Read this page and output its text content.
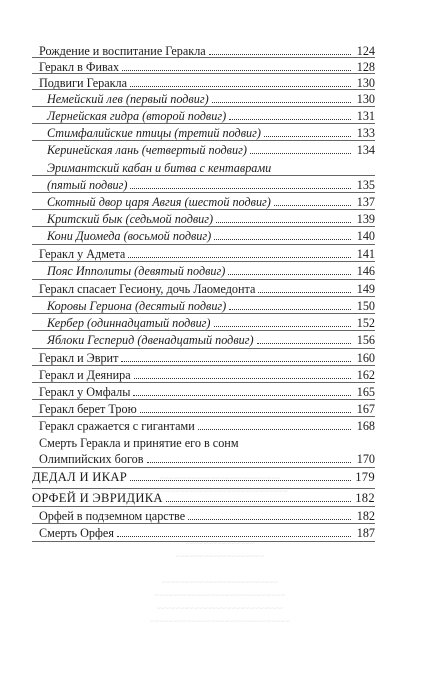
Рождение и воспитание Геракла	124
Геракл в Фивах	128
Подвиги Геракла	130
Немейский лев (первый подвиг)	130
Лернейская гидра (второй подвиг)	131
Стимфалийские птицы (третий подвиг)	133
Керинейская лань (четвертый подвиг)	134
Эримантский кабан и битва с кентаврами
(пятый подвиг)	135
Скотный двор царя Авгия (шестой подвиг)	137
Критский бык (седьмой подвиг)	139
Кони Диомеда (восьмой подвиг)	140
Геракл у Адмета	141
Пояс Ипполиты (девятый подвиг)	146
Геракл спасает Гесиону, дочь Лаомедонта	149
Коровы Гериона (десятый подвиг)	150
Кербер (одиннадцатый подвиг)	152
Яблоки Гесперид (двенадцатый подвиг)	156
Геракл и Эврит	160
Геракл и Деянира	162
Геракл у Омфалы	165
Геракл берет Трою	167
Геракл сражается с гигантами	168
Смерть Геракла и принятие его в сонм
Олимпийских богов	170
ДЕДАЛ И ИКАР	179
ОРФЕЙ И ЭВРИДИКА	182
Орфей в подземном царстве	182
Смерть Орфея	187
~~~~~~~~~~~~~~~~~~~~~~~~~~
~~~~~~~~~~~~~~~~~~~~~~~~~~~~~
~~~~~~~~~~~~~~~~~~~~~~

~~~~~~~~~~~~~~~
~~~~~~~~~~~~~~~~~~~

~~~~~~~~~~~~~~~~~~~~~~~~~
~~~~~~~~~~~~~~~~~~~~~~~~~~~~
~~~~~~~~~~~~~~~~~~~~~~~~~~~
~~~~~~~~~~~~~~~~~~~~~~~~~~~~~~
